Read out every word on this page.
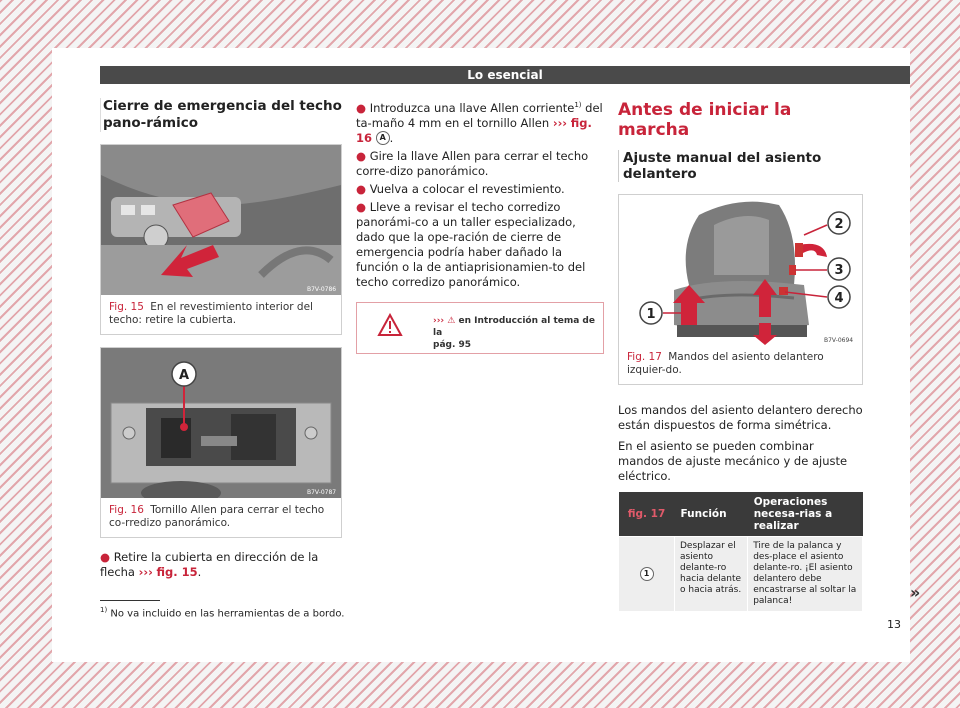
Lo esencial
Cierre de emergencia del techo pano-rámico
B7V-0786
Fig. 15 En el revestimiento interior del techo: retire la cubierta.
A
B7V-0787
Fig. 16 Tornillo Allen para cerrar el techo co-rredizo panorámico.

● Retire la cubierta en dirección de la flecha ››› fig. 15.

● Introduzca una llave Allen corriente$^{1)}$ del ta-maño 4 mm en el tornillo Allen ››› fig. 16 A .

● Gire la llave Allen para cerrar el techo corre-dizo panorámico.

● Vuelva a colocar el revestimiento.

● Lleve a revisar el techo corredizo panorámi-co a un taller especializado, dado que la ope-ración de cierre de emergencia podría haber dañado la función o la de antiaprisionamien-to del techo corredizo panorámico.

››› ⚠ en Introducción al tema de la
pág. 95
Antes de iniciar la marcha
Ajuste manual del asiento delantero
2
3
4
1
B7V-0694
Fig. 17 Mandos del asiento delantero izquier-do.

Los mandos del asiento delantero derecho están dispuestos de forma simétrica.

En el asiento se pueden combinar mandos de ajuste mecánico y de ajuste eléctrico.

fig. 17	Función	Operaciones necesa-rias a realizar
1	Desplazar el asiento delante-ro hacia delante o hacia atrás.	Tire de la palanca y des-place el asiento delante-ro. ¡El asiento delantero debe encastrarse al soltar la palanca!	»
$^{1)}$ No va incluido en las herramientas de a bordo.
13
